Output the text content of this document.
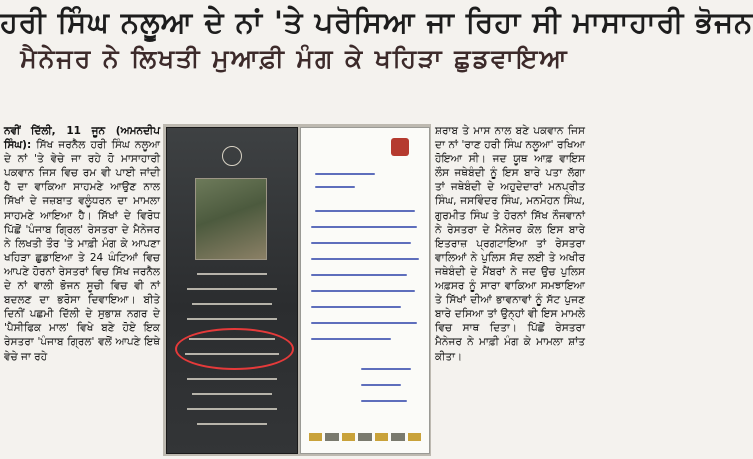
ਹਰੀ ਸਿੰਘ ਨਲੂਆ ਦੇ ਨਾਂ 'ਤੇ ਪਰੋਸਿਆ ਜਾ ਰਿਹਾ ਸੀ ਮਾਸਾਹਾਰੀ ਭੋਜਨ
ਮੈਨੇਜਰ ਨੇ ਲਿਖਤੀ ਮੁਆਫ਼ੀ ਮੰਗ ਕੇ ਖਹਿੜਾ ਛੁਡਵਾਇਆ
ਨਵੀਂ ਦਿੱਲੀ, 11 ਜੂਨ (ਅਮਨਦੀਪ ਸਿੰਘ): ਸਿੱਖ ਜਰਨੈਲ ਹਰੀ ਸਿੰਘ ਨਲੂਆ ਦੇ ਨਾਂ 'ਤੇ ਵੇਚੇ ਜਾ ਰਹੇ ਹੋ ਮਾਸਾਹਾਰੀ ਪਕਵਾਨ ਜਿਸ ਵਿਚ ਰਮ ਵੀ ਪਾਈ ਜਾਂਦੀ ਹੈ ਦਾ ਵਾਕਿਆ ਸਾਹਮਣੇ ਆਉਣ ਨਾਲ ਸਿੱਖਾਂ ਦੇ ਜਜ਼ਬਾਤ ਵਲੂੰਧਰਨ ਦਾ ਮਾਮਲਾ ਸਾਹਮਣੇ ਆਇਆ ਹੈ। ਸਿੱਖਾਂ ਦੇ ਵਿਰੋਧ ਪਿੱਛੋਂ 'ਪੰਜਾਬ ਗ੍ਰਿਲ' ਰੇਸਤਰਾ ਦੇ ਮੈਨੇਜਰ ਨੇ ਲਿਖਤੀ ਤੌਰ 'ਤੇ ਮਾਫ਼ੀ ਮੰਗ ਕੇ ਆਪਣਾ ਖਹਿੜਾ ਛੁਡਾਇਆ ਤੇ 24 ਘੰਟਿਆਂ ਵਿਚ ਆਪਣੇ ਹੋਰਨਾਂ ਰੇਸਤਰਾਂ ਵਿਚ ਸਿੱਖ ਜਰਨੈਲ ਦੇ ਨਾਂ ਵਾਲੀ ਭੋਜਨ ਸੂਚੀ ਵਿਚ ਵੀ ਨਾਂ ਬਦਲਣ ਦਾ ਭਰੋਸਾ ਦਿਵਾਇਆ। ਬੀਤੇ ਦਿਨੀਂ ਪਛਮੀ ਦਿੱਲੀ ਦੇ ਸੁਭਾਸ਼ ਨਗਰ ਦੇ 'ਪੈਸੀਫਿਕ ਮਾਲ' ਵਿਖੇ ਬਣੇ ਹੋਏ ਇਕ ਰੇਸਤਰਾ 'ਪੰਜਾਬ ਗ੍ਰਿਲ' ਵਲੋਂ ਆਪਣੇ ਇਥੇ ਵੇਚੇ ਜਾ ਰਹੇ
ਸ਼ਰਾਬ ਤੇ ਮਾਸ ਨਾਲ ਬਣੇ ਪਕਵਾਨ ਜਿਸ ਦਾ ਨਾਂ 'ਰਾਣ ਹਰੀ ਸਿੰਘ ਨਲੂਆ' ਰਖਿਆ ਹੋਇਆ ਸੀ। ਜਦ ਯੂਥ ਆਫ਼ ਵਾਇਸ ਲੌਸ ਜਥੇਬੰਦੀ ਨੂੰ ਇਸ ਬਾਰੇ ਪਤਾ ਲੱਗਾ ਤਾਂ ਜਥੇਬੰਦੀ ਦੇ ਅਹੁਦੇਦਾਰਾਂ ਮਨਪ੍ਰੀਤ ਸਿੰਘ, ਜਸਵਿੰਦਰ ਸਿੰਘ, ਮਨਮੋਹਨ ਸਿੰਘ, ਗੁਰਮੀਤ ਸਿੰਘ ਤੇ ਹੋਰਨਾਂ ਸਿੱਖ ਨੌਜਵਾਨਾਂ ਨੇ ਰੇਸਤਰਾ ਦੇ ਮੈਨੇਜਰ ਕੋਲ ਇਸ ਬਾਰੇ ਇਤਰਾਜ਼ ਪ੍ਰਗਟਾਇਆ ਤਾਂ ਰੇਸਤਰਾ ਵਾਲਿਆਂ ਨੇ ਪੁਲਿਸ ਸੱਦ ਲਈ ਤੇ ਅਖੀਰ ਜਥੇਬੰਦੀ ਦੇ ਮੈਂਬਰਾਂ ਨੇ ਜਦ ਉਚ ਪੁਲਿਸ ਅਫ਼ਸਰ ਨੂੰ ਸਾਰਾ ਵਾਕਿਆ ਸਮਝਾਇਆ ਤੇ ਸਿੱਖਾਂ ਦੀਆਂ ਭਾਵਨਾਵਾਂ ਨੂੰ ਸੱਟ ਪੁਜਣ ਬਾਰੇ ਦਸਿਆ ਤਾਂ ਉਨ੍ਹਾਂ ਵੀ ਇਸ ਮਾਮਲੇ ਵਿਚ ਸਾਥ ਦਿਤਾ। ਪਿੱਛੋਂ ਰੇਸਤਰਾ ਮੈਨੇਜਰ ਨੇ ਮਾਫ਼ੀ ਮੰਗ ਕੇ ਮਾਮਲਾ ਸ਼ਾਂਤ ਕੀਤਾ।
